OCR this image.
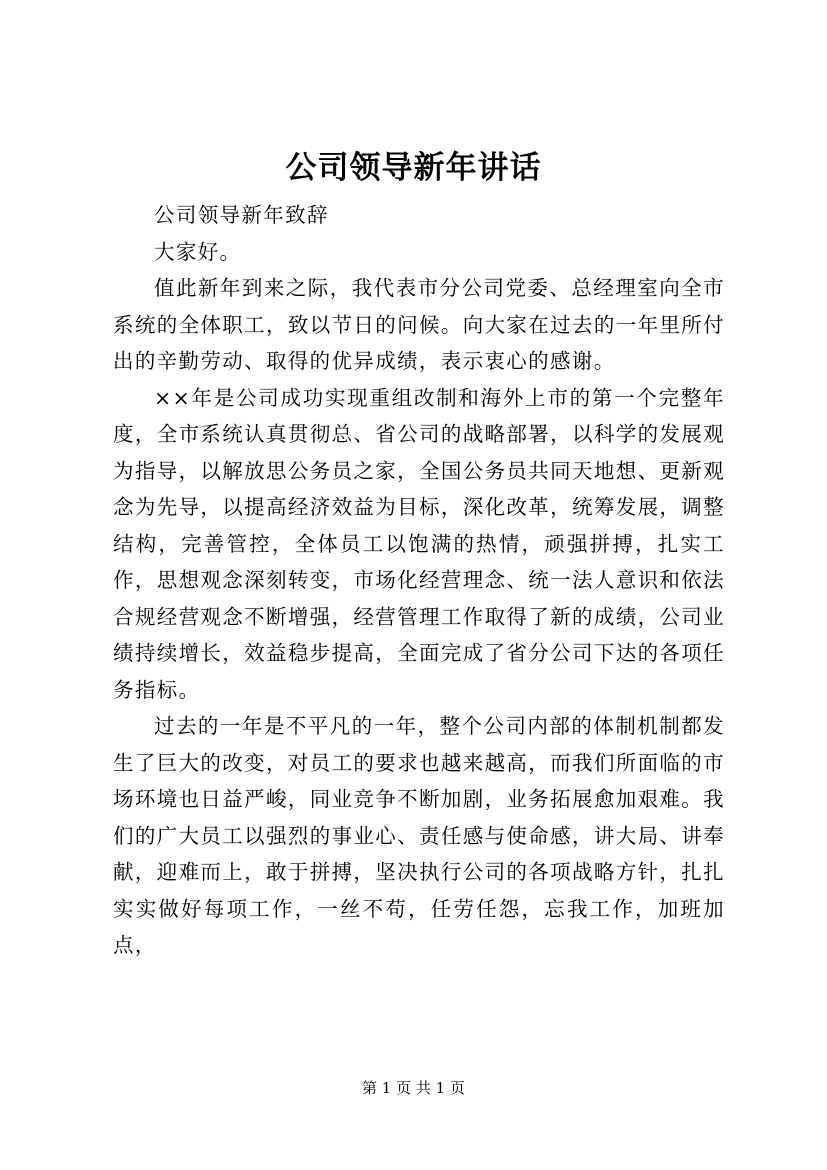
公司领导新年讲话

公司领导新年致辞

大家好。

值此新年到来之际，我代表市分公司党委、总经理室向全市系统的全体职工，致以节日的问候。向大家在过去的一年里所付出的辛勤劳动、取得的优异成绩，表示衷心的感谢。

××年是公司成功实现重组改制和海外上市的第一个完整年度，全市系统认真贯彻总、省公司的战略部署，以科学的发展观为指导，以解放思公务员之家，全国公务员共同天地想、更新观念为先导，以提高经济效益为目标，深化改革，统筹发展，调整结构，完善管控，全体员工以饱满的热情，顽强拼搏，扎实工作，思想观念深刻转变，市场化经营理念、统一法人意识和依法合规经营观念不断增强，经营管理工作取得了新的成绩，公司业绩持续增长，效益稳步提高，全面完成了省分公司下达的各项任务指标。

过去的一年是不平凡的一年，整个公司内部的体制机制都发生了巨大的改变，对员工的要求也越来越高，而我们所面临的市场环境也日益严峻，同业竞争不断加剧，业务拓展愈加艰难。我们的广大员工以强烈的事业心、责任感与使命感，讲大局、讲奉献，迎难而上，敢于拼搏，坚决执行公司的各项战略方针，扎扎实实做好每项工作，一丝不苟，任劳任怨，忘我工作，加班加点，

第 1 页 共 1 页
